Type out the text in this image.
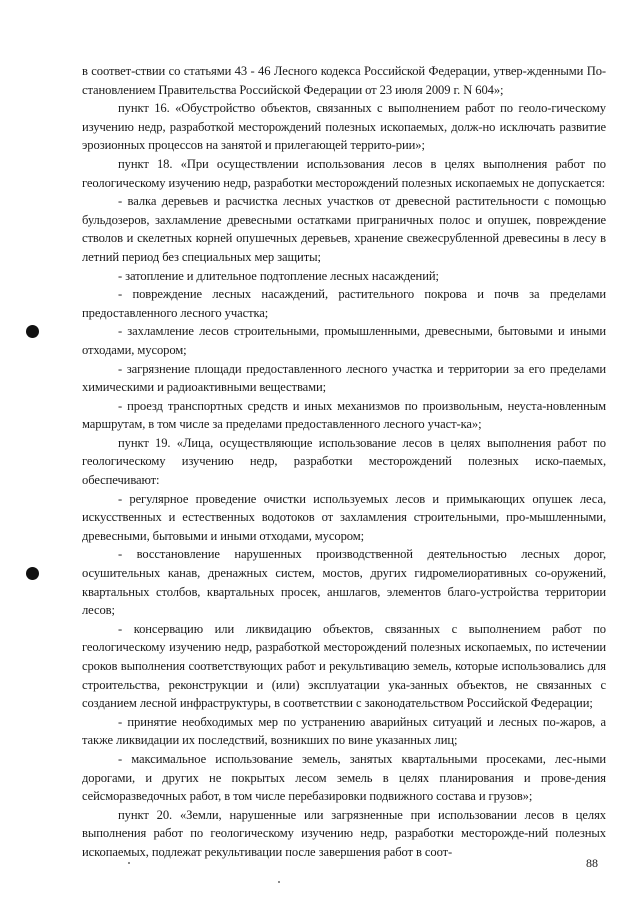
в соответ-ствии со статьями 43 - 46 Лесного кодекса Российской Федерации, утвер-жденными По-становлением Правительства Российской Федерации от 23 июля 2009 г. N 604»;

пункт 16. «Обустройство объектов, связанных с выполнением работ по геоло-гическому изучению недр, разработкой месторождений полезных ископаемых, долж-но исключать развитие эрозионных процессов на занятой и прилегающей террито-рии»;

пункт 18. «При осуществлении использования лесов в целях выполнения работ по геологическому изучению недр, разработки месторождений полезных ископаемых не допускается:

- валка деревьев и расчистка лесных участков от древесной растительности с помощью бульдозеров, захламление древесными остатками приграничных полос и опушек, повреждение стволов и скелетных корней опушечных деревьев, хранение свежесрубленной древесины в лесу в летний период без специальных мер защиты;

- затопление и длительное подтопление лесных насаждений;

- повреждение лесных насаждений, растительного покрова и почв за пределами предоставленного лесного участка;

- захламление лесов строительными, промышленными, древесными, бытовыми и иными отходами, мусором;

- загрязнение площади предоставленного лесного участка и территории за его пределами химическими и радиоактивными веществами;

- проезд транспортных средств и иных механизмов по произвольным, неуста-новленным маршрутам, в том числе за пределами предоставленного лесного участ-ка»;

пункт 19. «Лица, осуществляющие использование лесов в целях выполнения работ по геологическому изучению недр, разработки месторождений полезных иско-паемых, обеспечивают:

- регулярное проведение очистки используемых лесов и примыкающих опушек леса, искусственных и естественных водотоков от захламления строительными, про-мышленными, древесными, бытовыми и иными отходами, мусором;

- восстановление нарушенных производственной деятельностью лесных дорог, осушительных канав, дренажных систем, мостов, других гидромелиоративных со-оружений, квартальных столбов, квартальных просек, аншлагов, элементов благо-устройства территории лесов;

- консервацию или ликвидацию объектов, связанных с выполнением работ по геологическому изучению недр, разработкой месторождений полезных ископаемых, по истечении сроков выполнения соответствующих работ и рекультивацию земель, которые использовались для строительства, реконструкции и (или) эксплуатации ука-занных объектов, не связанных с созданием лесной инфраструктуры, в соответствии с законодательством Российской Федерации;

- принятие необходимых мер по устранению аварийных ситуаций и лесных по-жаров, а также ликвидации их последствий, возникших по вине указанных лиц;

- максимальное использование земель, занятых квартальными просеками, лес-ными дорогами, и других не покрытых лесом земель в целях планирования и прове-дения сейсморазведочных работ, в том числе перебазировки подвижного состава и грузов»;

пункт 20. «Земли, нарушенные или загрязненные при использовании лесов в целях выполнения работ по геологическому изучению недр, разработки месторожде-ний полезных ископаемых, подлежат рекультивации после завершения работ в соот-

88
